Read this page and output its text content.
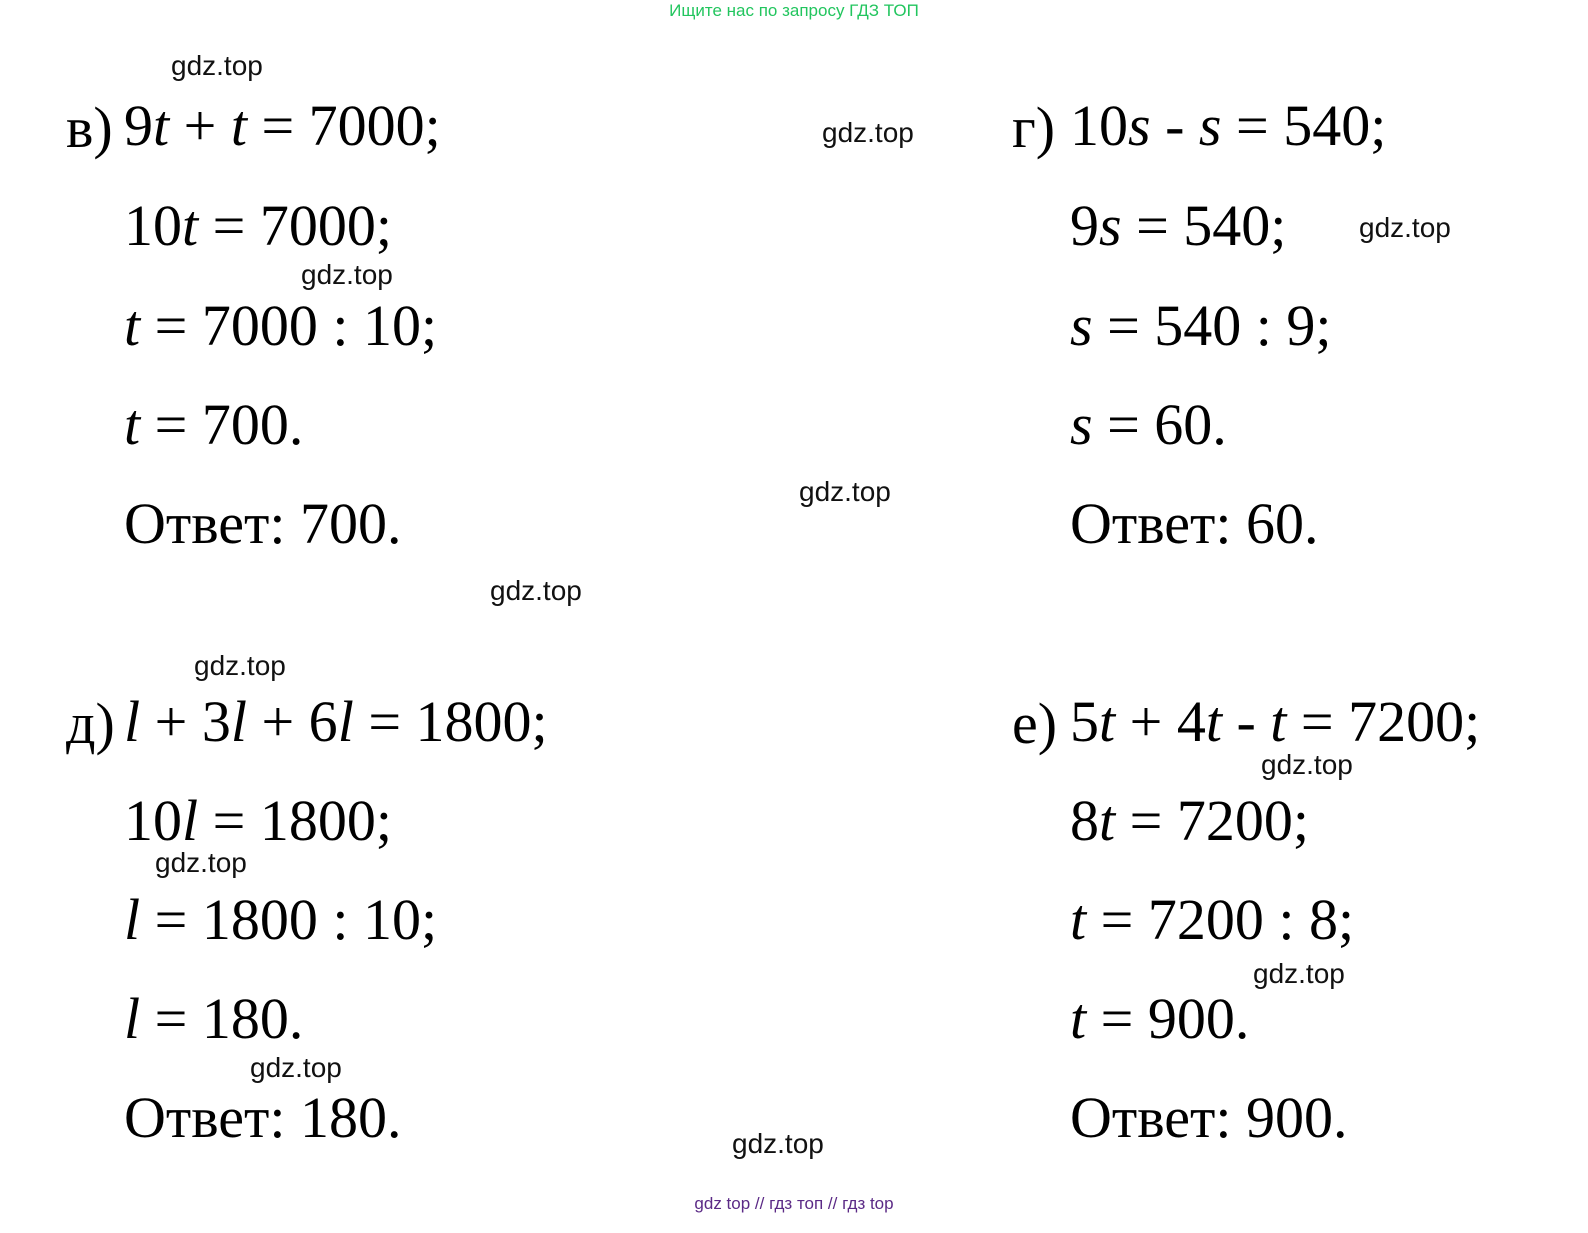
Ищите нас по запросу ГДЗ ТОП
в) 9t + t = 7000;
10t = 7000;
t = 7000 : 10;
t = 700.
Ответ: 700.
г) 10s - s = 540;
9s = 540;
s = 540 : 9;
s = 60.
Ответ: 60.
д) l + 3l + 6l = 1800;
10l = 1800;
l = 1800 : 10;
l = 180.
Ответ: 180.
е) 5t + 4t - t = 7200;
8t = 7200;
t = 7200 : 8;
t = 900.
Ответ: 900.
gdz.top
gdz.top
gdz.top
gdz.top
gdz.top
gdz.top
gdz.top
gdz.top
gdz.top
gdz.top
gdz.top
gdz.top
gdz top // гдз топ // гдз top
